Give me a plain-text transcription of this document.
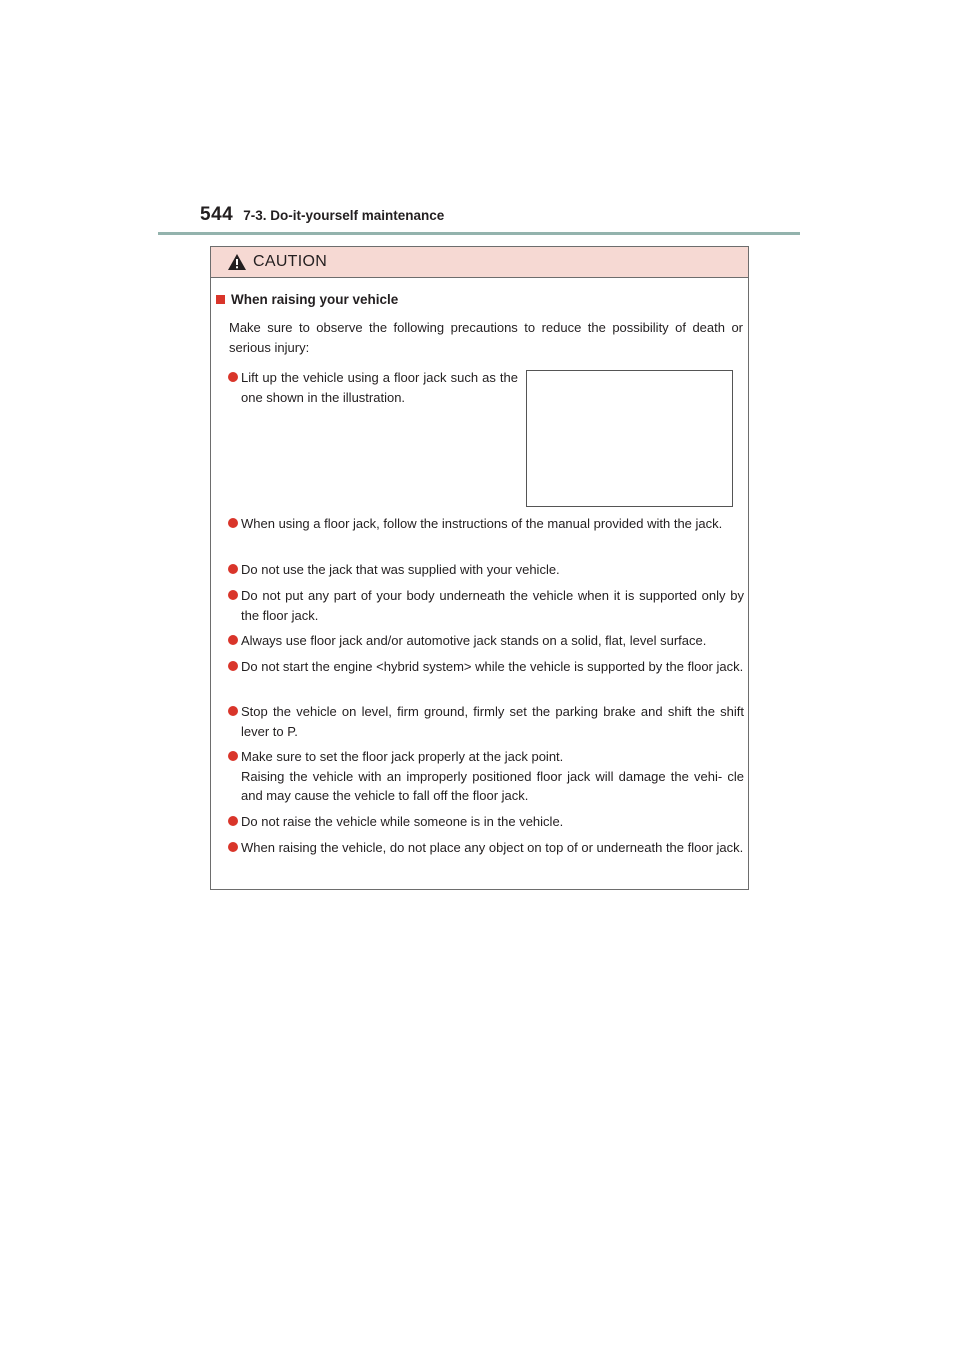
544 7-3. Do-it-yourself maintenance
CAUTION
When raising your vehicle
Make sure to observe the following precautions to reduce the possibility of death or serious injury:
Lift up the vehicle using a floor jack such as the one shown in the illustration.
When using a floor jack, follow the instructions of the manual provided with the jack.
Do not use the jack that was supplied with your vehicle.
Do not put any part of your body underneath the vehicle when it is supported only by the floor jack.
Always use floor jack and/or automotive jack stands on a solid, flat, level surface.
Do not start the engine <hybrid system> while the vehicle is supported by the floor jack.
Stop the vehicle on level, firm ground, firmly set the parking brake and shift the shift lever to P.
Make sure to set the floor jack properly at the jack point.
Raising the vehicle with an improperly positioned floor jack will damage the vehi- cle and may cause the vehicle to fall off the floor jack.
Do not raise the vehicle while someone is in the vehicle.
When raising the vehicle, do not place any object on top of or underneath the floor jack.
